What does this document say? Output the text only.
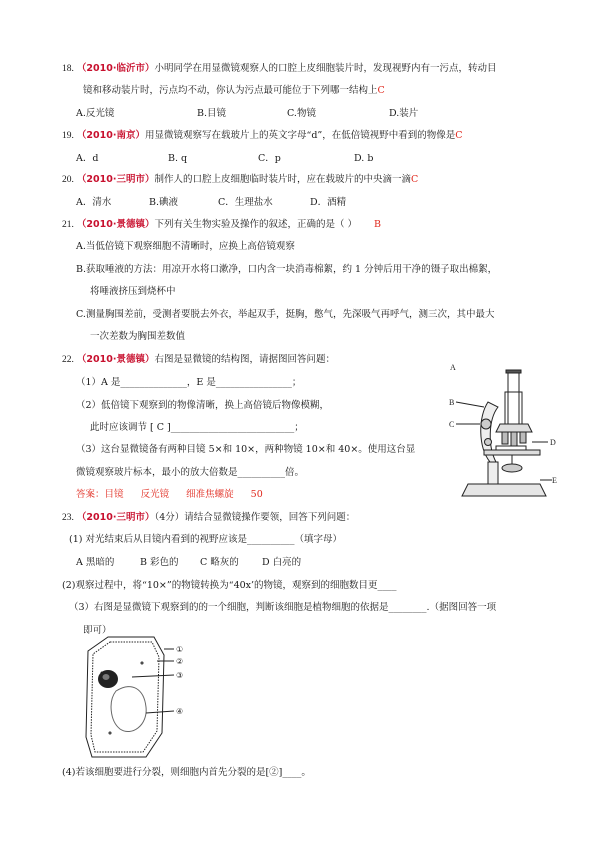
18. （2010·临沂市）小明同学在用显微镜观察人的口腔上皮细胞装片时，发现视野内有一污点，转动目
镜和移动装片时，污点均不动，你认为污点最可能位于下列哪一结构上C
A.反光镜	B.目镜	C.物镜	D.装片
19. （2010·南京）用显微镜观察写在载玻片上的英文字母“d”，在低倍镜视野中看到的物像是C
A．d	B. q	C．p	D. b
20. （2010·三明市）制作人的口腔上皮细胞临时装片时，应在载玻片的中央滴一滴C
A．清水	B.碘液	C．生理盐水	D．酒精
21. （2010·景德镇）下列有关生物实验及操作的叙述，正确的是（ ） B
A.当低倍镜下观察细胞不清晰时，应换上高倍镜观察
B.获取唾液的方法：用凉开水将口漱净，口内含一块消毒棉絮，约 1 分钟后用干净的镊子取出棉絮，
将唾液挤压到烧杯中
C.测量胸围差前，受测者要脱去外衣，举起双手，挺胸，憋气，先深吸气再呼气，测三次，其中最大
一次差数为胸围差数值
22. （2010·景德镇）右图是显微镜的结构图，请据图回答问题：
（1）A 是______________，E 是________________；
（2）低倍镜下观察到的物像清晰，换上高倍镜后物像模糊，
此时应该调节 [ C ]__________________________；
（3）这台显微镜备有两种目镜 5×和 10×，两种物镜 10×和 40×。使用这台显
微镜观察玻片标本，最小的放大倍数是__________倍。
答案：目镜 反光镜 细准焦螺旋 50
A
B
C
D
E
23. （2010·三明市）（4分）请结合显微镜操作要领，回答下列问题：
(1) 对光结束后从目镜内看到的视野应该是__________（填字母）
A 黑暗的	B 彩色的 C 略灰的 D 白亮的
(2)观察过程中，将“10×”的物镜转换为“40x’的物镜，观察到的细胞数目更____
（3）右图是显微镜下观察到的的一个细胞，判断该细胞是植物细胞的依据是________.（据图回答一项
即可）
①
②
③
④
(4)若该细胞要进行分裂，则细胞内首先分裂的是[②]____。
